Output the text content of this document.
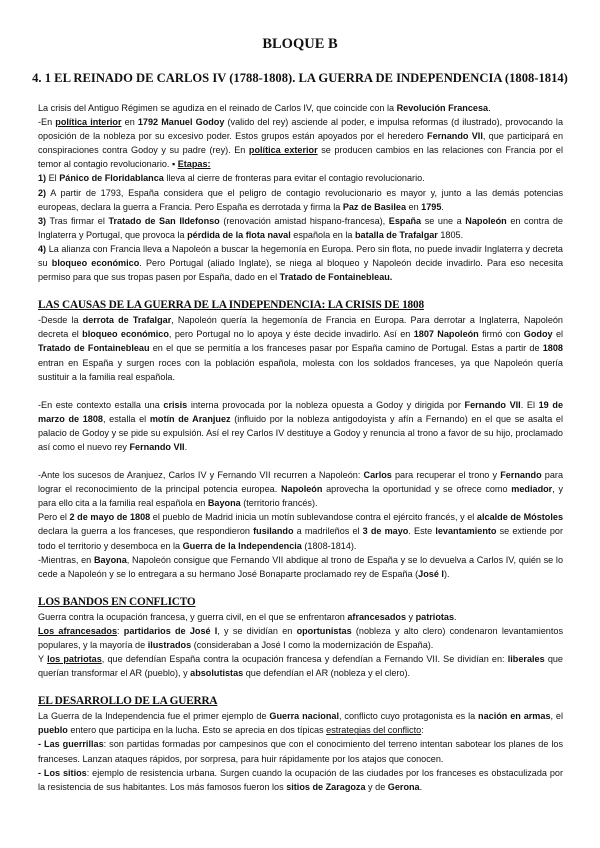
BLOQUE B
4. 1 EL REINADO DE CARLOS IV (1788-1808). LA GUERRA DE INDEPENDENCIA (1808-1814)

La crisis del Antiguo Régimen se agudiza en el reinado de Carlos IV, que coincide con la Revolución Francesa.

-En política interior en 1792 Manuel Godoy (valido del rey) asciende al poder, e impulsa reformas (d ilustrado), provocando la oposición de la nobleza por su excesivo poder. Estos grupos están apoyados por el heredero Fernando VII, que participará en conspiraciones contra Godoy y su padre (rey). En política exterior se producen cambios en las relaciones con Francia por el temor al contagio revolucionario. ▪ Etapas:

1) El Pánico de Floridablanca lleva al cierre de fronteras para evitar el contagio revolucionario.

2) A partir de 1793, España considera que el peligro de contagio revolucionario es mayor y, junto a las demás potencias europeas, declara la guerra a Francia. Pero España es derrotada y firma la Paz de Basilea en 1795.

3) Tras firmar el Tratado de San Ildefonso (renovación amistad hispano-francesa), España se une a Napoleón en contra de Inglaterra y Portugal, que provoca la pérdida de la flota naval española en la batalla de Trafalgar 1805.

4) La alianza con Francia lleva a Napoleón a buscar la hegemonía en Europa. Pero sin flota, no puede invadir Inglaterra y decreta su bloqueo económico. Pero Portugal (aliado Inglate), se niega al bloqueo y Napoleón decide invadirlo. Para eso necesita permiso para que sus tropas pasen por España, dado en el Tratado de Fontainebleau.

LAS CAUSAS DE LA GUERRA DE LA INDEPENDENCIA: LA CRISIS DE 1808

-Desde la derrota de Trafalgar, Napoleón quería la hegemonía de Francia en Europa. Para derrotar a Inglaterra, Napoleón decreta el bloqueo económico, pero Portugal no lo apoya y éste decide invadirlo. Así en 1807 Napoleón firmó con Godoy el Tratado de Fontainebleau en el que se permitía a los franceses pasar por España camino de Portugal. Estas a partir de 1808 entran en España y surgen roces con la población española, molesta con los soldados franceses, ya que Napoleón quería sustituir a la familia real española.

-En este contexto estalla una crisis interna provocada por la nobleza opuesta a Godoy y dirigida por Fernando VII. El 19 de marzo de 1808, estalla el motín de Aranjuez (influido por la nobleza antigodoyista y afín a Fernando) en el que se asalta el palacio de Godoy y se pide su expulsión. Así el rey Carlos IV destituye a Godoy y renuncia al trono a favor de su hijo, proclamado así como el nuevo rey Fernando VII.

-Ante los sucesos de Aranjuez, Carlos IV y Fernando VII recurren a Napoleón: Carlos para recuperar el trono y Fernando para lograr el reconocimiento de la principal potencia europea. Napoleón aprovecha la oportunidad y se ofrece como mediador, y para ello cita a la familia real española en Bayona (territorio francés).

Pero el 2 de mayo de 1808 el pueblo de Madrid inicia un motín sublevandose contra el ejército francés, y el alcalde de Móstoles declara la guerra a los franceses, que respondieron fusilando a madrileños el 3 de mayo. Este levantamiento se extiende por todo el territorio y desemboca en la Guerra de la Independencia (1808-1814).

-Mientras, en Bayona, Napoleón consigue que Fernando VII abdique al trono de España y se lo devuelva a Carlos IV, quién se lo cede a Napoleón y se lo entregara a su hermano José Bonaparte proclamado rey de España (José I).

LOS BANDOS EN CONFLICTO

Guerra contra la ocupación francesa, y guerra civil, en el que se enfrentaron afrancesados y patriotas.

Los afrancesados: partidarios de José I, y se dividían en oportunistas (nobleza y alto clero) condenaron levantamientos populares, y la mayoría de ilustrados (consideraban a José I como la modernización de España).

Y los patriotas, que defendían España contra la ocupación francesa y defendían a Fernando VII. Se dividían en: liberales que querían transformar el AR (pueblo), y absolutistas que defendían el AR (nobleza y el clero).

EL DESARROLLO DE LA GUERRA

La Guerra de la Independencia fue el primer ejemplo de Guerra nacional, conflicto cuyo protagonista es la nación en armas, el pueblo entero que participa en la lucha. Esto se aprecia en dos típicas estrategias del conflicto:

- Las guerrillas: son partidas formadas por campesinos que con el conocimiento del terreno intentan sabotear los planes de los franceses. Lanzan ataques rápidos, por sorpresa, para huir rápidamente por los atajos que conocen.

- Los sitios: ejemplo de resistencia urbana. Surgen cuando la ocupación de las ciudades por los franceses es obstaculizada por la resistencia de sus habitantes. Los más famosos fueron los sitios de Zaragoza y de Gerona.
